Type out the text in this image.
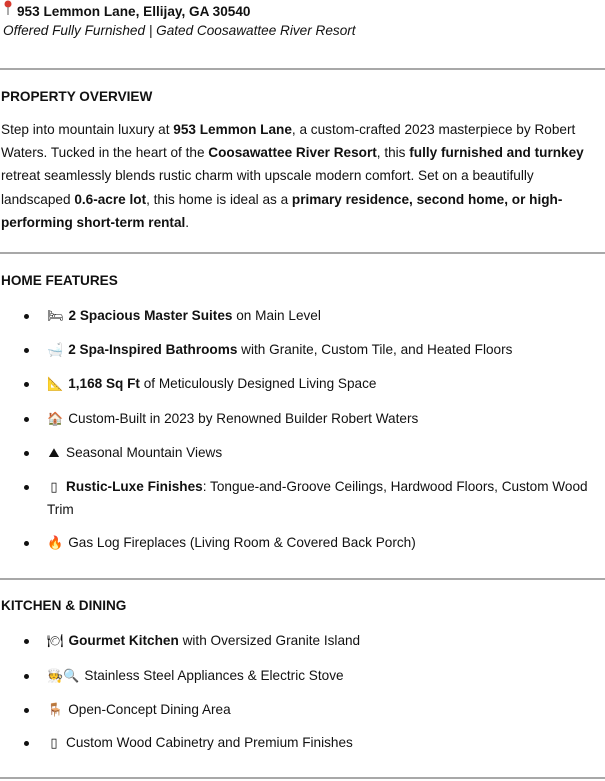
953 Lemmon Lane, Ellijay, GA 30540
Offered Fully Furnished | Gated Coosawattee River Resort
PROPERTY OVERVIEW
Step into mountain luxury at 953 Lemmon Lane, a custom-crafted 2023 masterpiece by Robert Waters. Tucked in the heart of the Coosawattee River Resort, this fully furnished and turnkey retreat seamlessly blends rustic charm with upscale modern comfort. Set on a beautifully landscaped 0.6-acre lot, this home is ideal as a primary residence, second home, or high-performing short-term rental.
HOME FEATURES
🛏 2 Spacious Master Suites on Main Level
🛁 2 Spa-Inspired Bathrooms with Granite, Custom Tile, and Heated Floors
📐 1,168 Sq Ft of Meticulously Designed Living Space
🏠 Custom-Built in 2023 by Renowned Builder Robert Waters
⛰ Seasonal Mountain Views
▯ Rustic-Luxe Finishes: Tongue-and-Groove Ceilings, Hardwood Floors, Custom Wood Trim
🔥 Gas Log Fireplaces (Living Room & Covered Back Porch)
KITCHEN & DINING
🍽 Gourmet Kitchen with Oversized Granite Island
🧑‍🍳🔍 Stainless Steel Appliances & Electric Stove
🪑 Open-Concept Dining Area
▯ Custom Wood Cabinetry and Premium Finishes
